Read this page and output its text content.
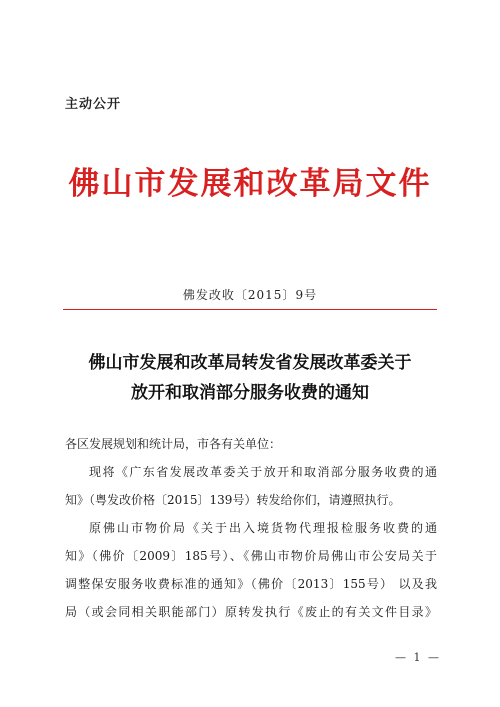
主动公开
佛山市发展和改革局文件
佛发改收〔2015〕9号
佛山市发展和改革局转发省发展改革委关于
放开和取消部分服务收费的通知
各区发展规划和统计局，市各有关单位：
现将《广东省发展改革委关于放开和取消部分服务收费的通
知》（粤发改价格〔2015〕139号）转发给你们，请遵照执行。
原佛山市物价局《关于出入境货物代理报检服务收费的通
知》（佛价〔2009〕185号）、《佛山市物价局佛山市公安局关于
调整保安服务收费标准的通知》（佛价〔2013〕155号） 以及我
局（或会同相关职能部门）原转发执行《废止的有关文件目录》
— 1 —
